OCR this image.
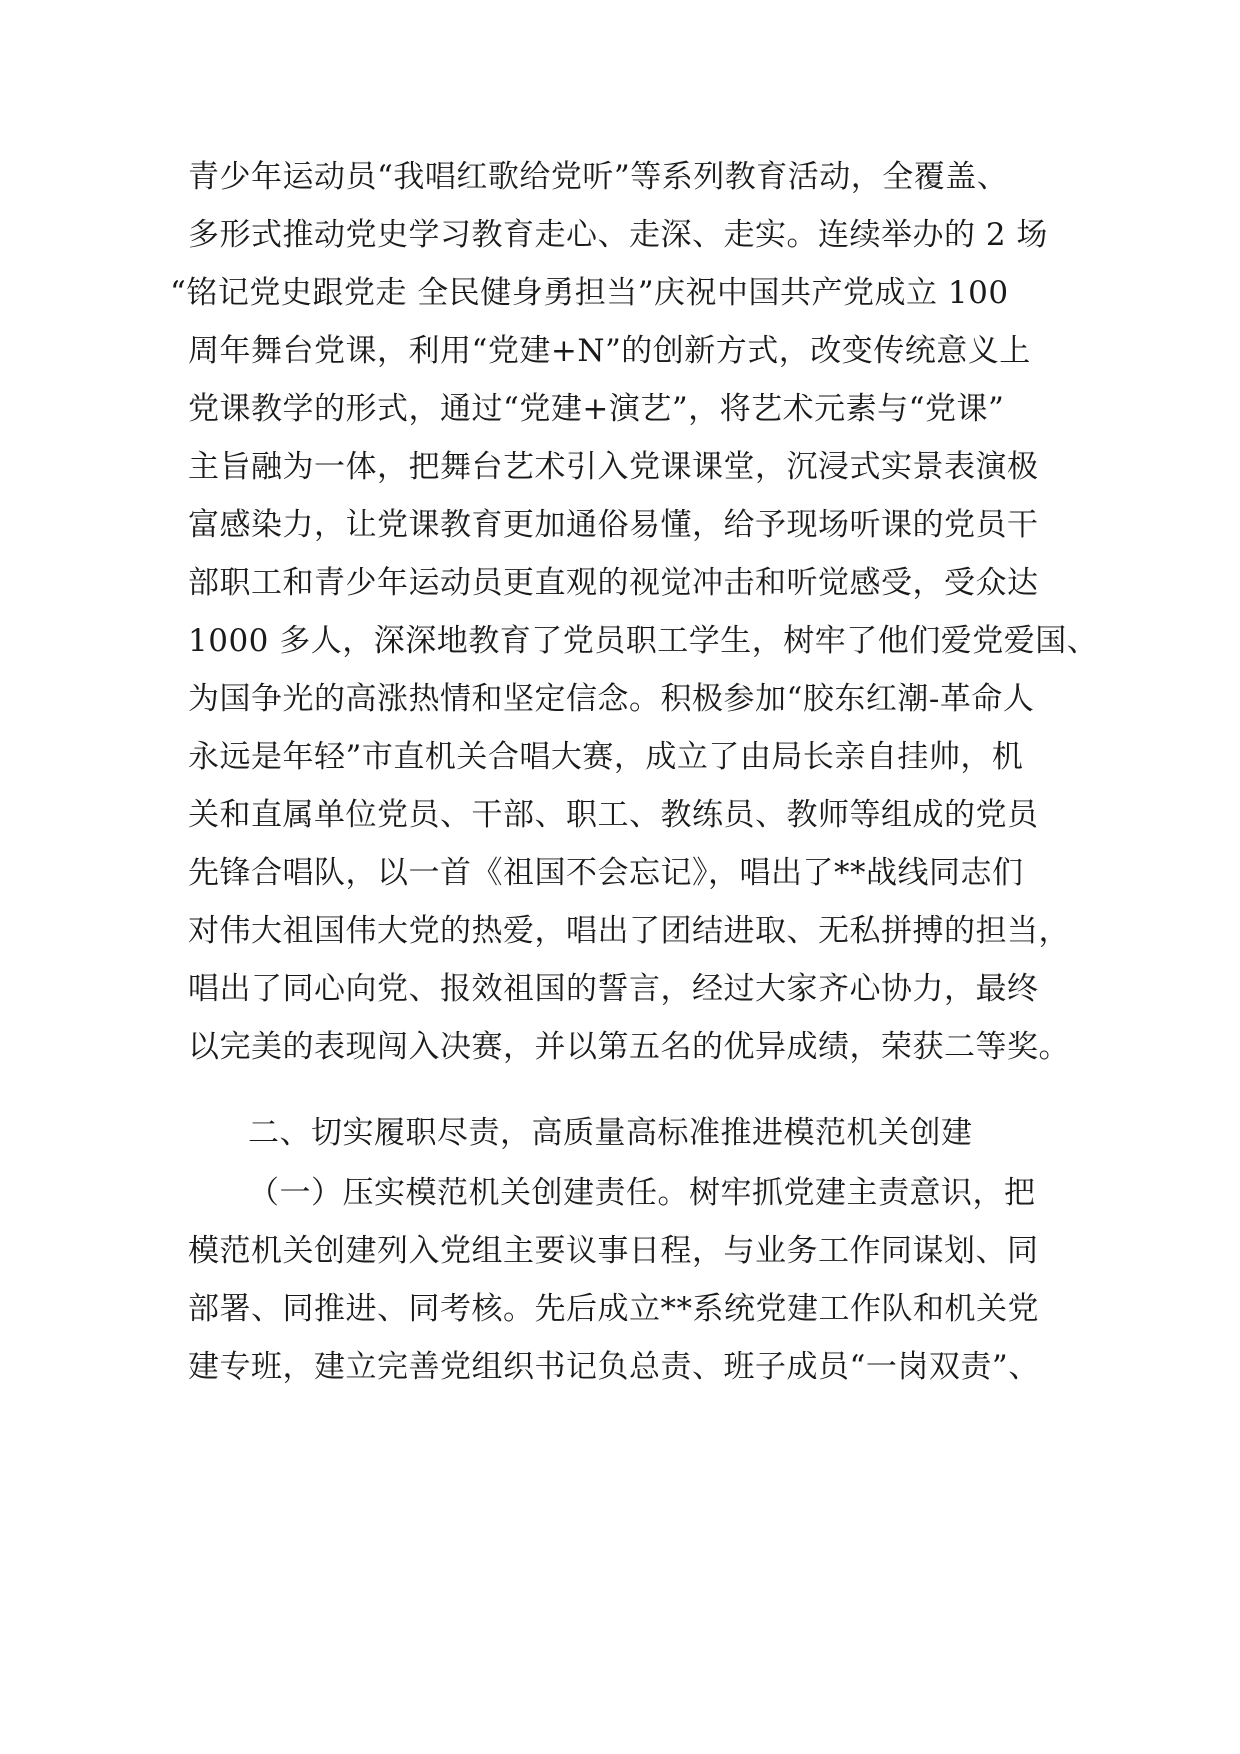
青少年运动员“我唱红歌给党听”等系列教育活动，全覆盖、
多形式推动党史学习教育走心、走深、走实。连续举办的 2 场
“铭记党史跟党走 全民健身勇担当”庆祝中国共产党成立 100
周年舞台党课，利用“党建+N”的创新方式，改变传统意义上
党课教学的形式，通过“党建+演艺”，将艺术元素与“党课”
主旨融为一体，把舞台艺术引入党课课堂，沉浸式实景表演极
富感染力，让党课教育更加通俗易懂，给予现场听课的党员干
部职工和青少年运动员更直观的视觉冲击和听觉感受，受众达
1000 多人，深深地教育了党员职工学生，树牢了他们爱党爱国、
为国争光的高涨热情和坚定信念。积极参加“胶东红潮-革命人
永远是年轻”市直机关合唱大赛，成立了由局长亲自挂帅，机
关和直属单位党员、干部、职工、教练员、教师等组成的党员
先锋合唱队，以一首《祖国不会忘记》，唱出了**战线同志们
对伟大祖国伟大党的热爱，唱出了团结进取、无私拼搏的担当，
唱出了同心向党、报效祖国的誓言，经过大家齐心协力，最终
以完美的表现闯入决赛，并以第五名的优异成绩，荣获二等奖。
二、切实履职尽责，高质量高标准推进模范机关创建
（一）压实模范机关创建责任。树牢抓党建主责意识，把
模范机关创建列入党组主要议事日程，与业务工作同谋划、同
部署、同推进、同考核。先后成立**系统党建工作队和机关党
建专班，建立完善党组织书记负总责、班子成员“一岗双责”、
